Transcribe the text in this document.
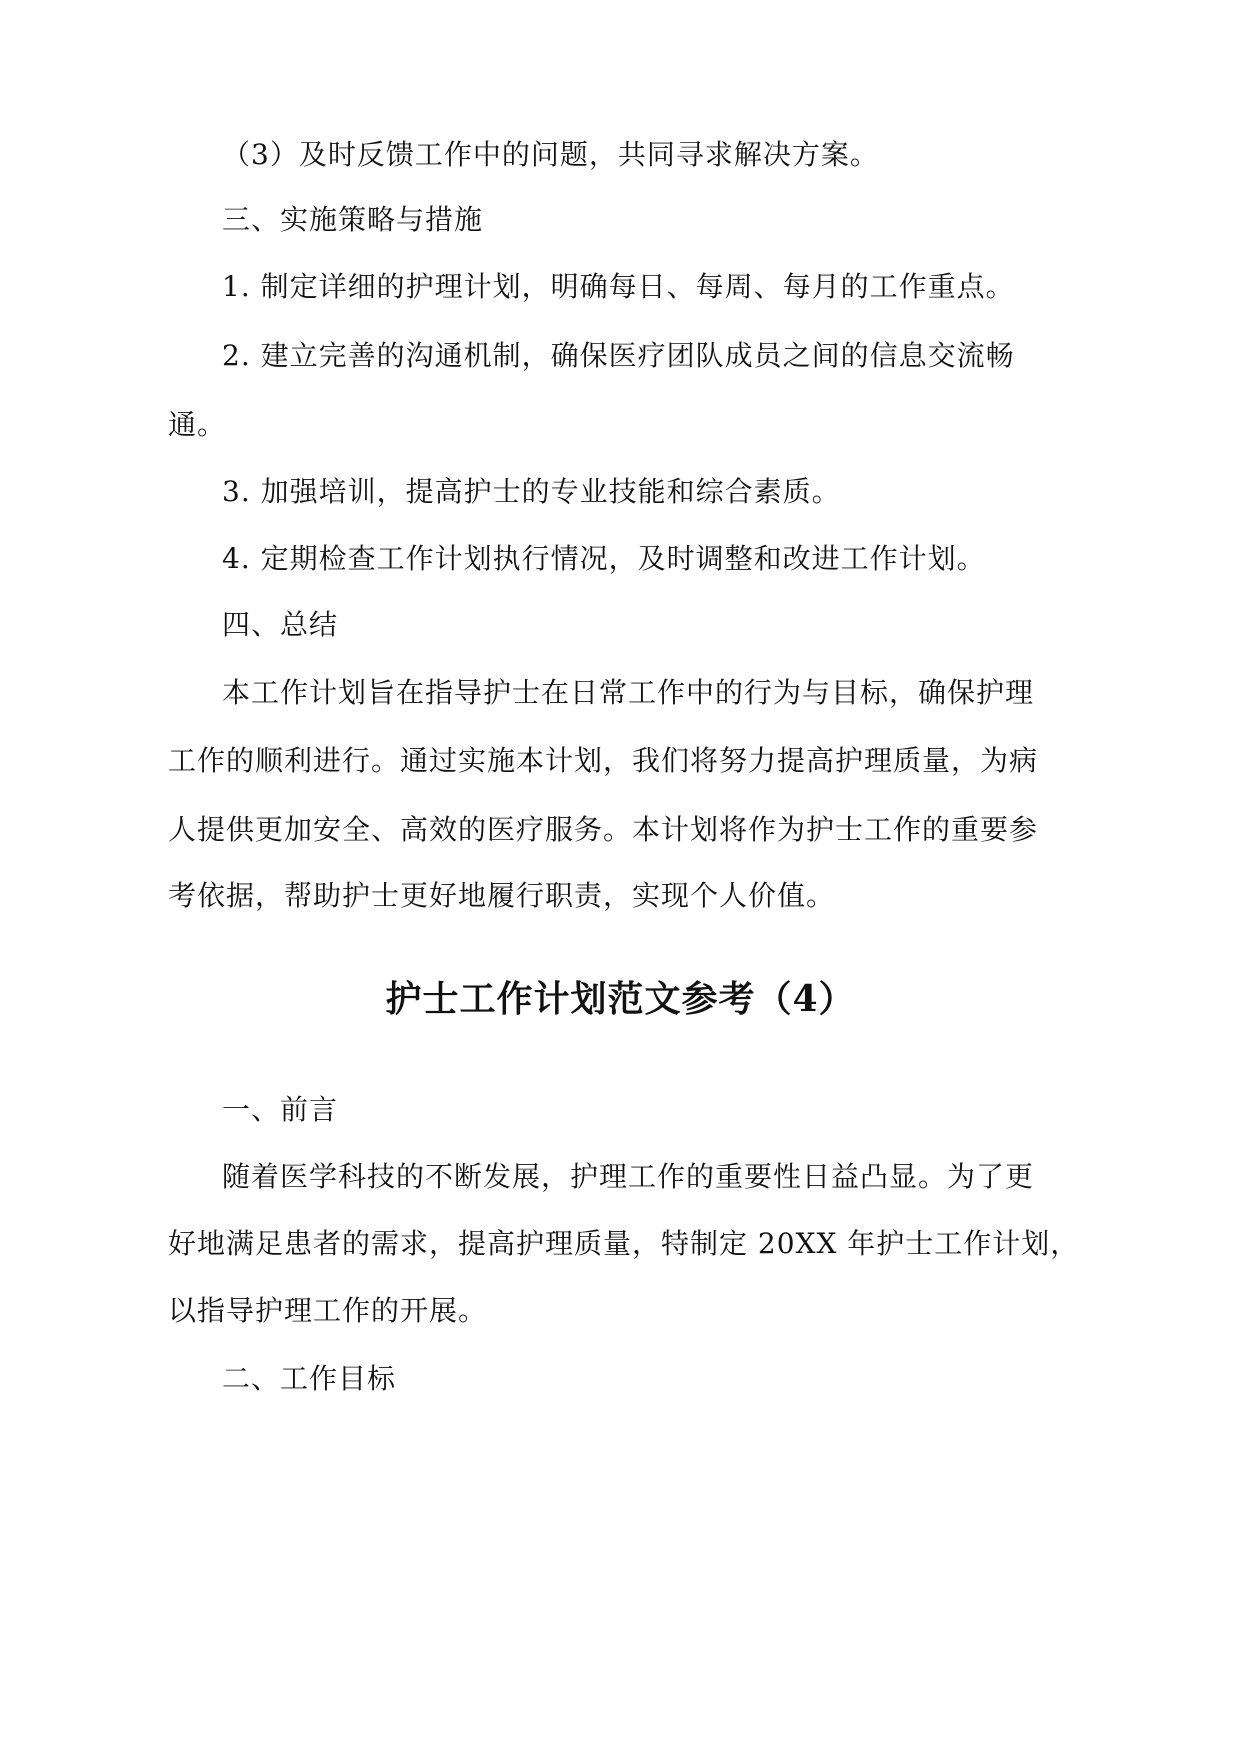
（3）及时反馈工作中的问题，共同寻求解决方案。

三、实施策略与措施

1. 制定详细的护理计划，明确每日、每周、每月的工作重点。

2. 建立完善的沟通机制，确保医疗团队成员之间的信息交流畅

通。

3. 加强培训，提高护士的专业技能和综合素质。

4. 定期检查工作计划执行情况，及时调整和改进工作计划。

四、总结

本工作计划旨在指导护士在日常工作中的行为与目标，确保护理

工作的顺利进行。通过实施本计划，我们将努力提高护理质量，为病

人提供更加安全、高效的医疗服务。本计划将作为护士工作的重要参

考依据，帮助护士更好地履行职责，实现个人价值。

护士工作计划范文参考（4）

一、前言

随着医学科技的不断发展，护理工作的重要性日益凸显。为了更

好地满足患者的需求，提高护理质量，特制定 20XX 年护士工作计划，

以指导护理工作的开展。

二、工作目标
